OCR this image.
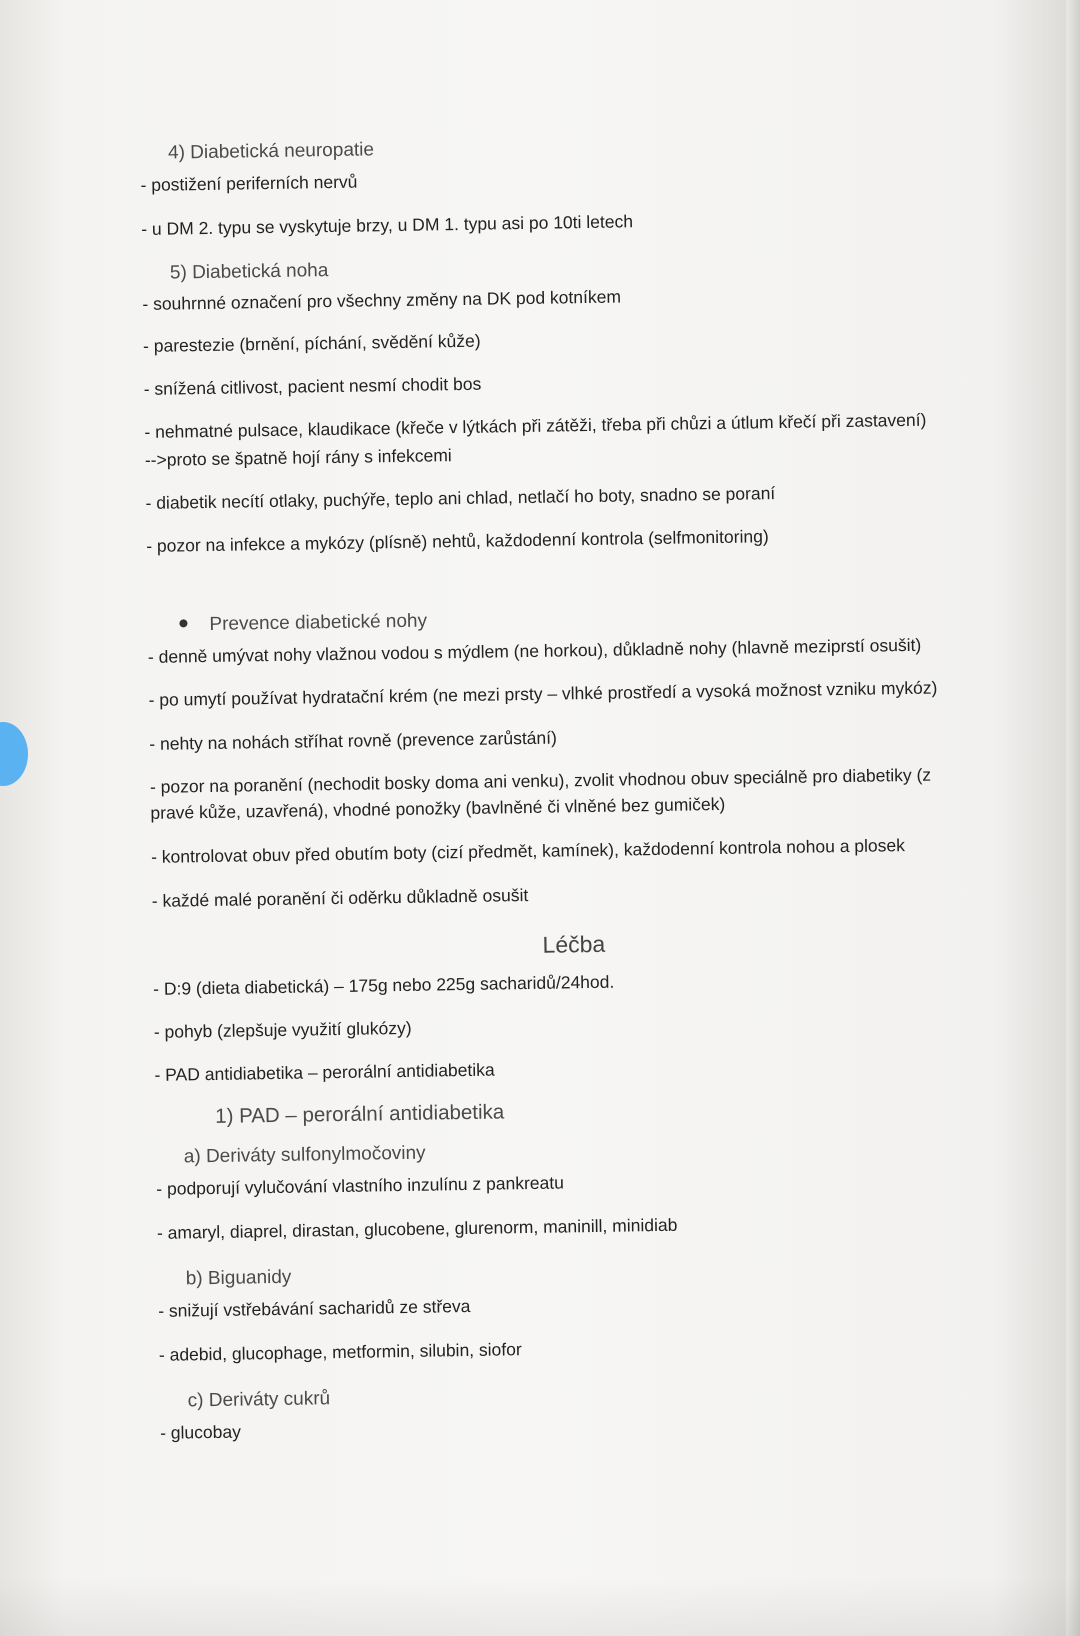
4) Diabetická neuropatie
- postižení periferních nervů
- u DM 2. typu se vyskytuje brzy, u DM 1. typu asi po 10ti letech
5) Diabetická noha
- souhrnné označení pro všechny změny na DK pod kotníkem
- parestezie (brnění, píchání, svědění kůže)
- snížená citlivost, pacient nesmí chodit bos
- nehmatné pulsace, klaudikace (křeče v lýtkách při zátěži, třeba při chůzi a útlum křečí při zastavení)
-->proto se špatně hojí rány s infekcemi
- diabetik necítí otlaky, puchýře, teplo ani chlad, netlačí ho boty, snadno se poraní
- pozor na infekce a mykózy (plísně) nehtů, každodenní kontrola (selfmonitoring)
Prevence diabetické nohy
- denně umývat nohy vlažnou vodou s mýdlem (ne horkou), důkladně nohy (hlavně meziprstí osušit)
- po umytí používat hydratační krém (ne mezi prsty – vlhké prostředí a vysoká možnost vzniku mykóz)
- nehty na nohách stříhat rovně (prevence zarůstání)
- pozor na poranění (nechodit bosky doma ani venku), zvolit vhodnou obuv speciálně pro diabetiky (z
pravé kůže, uzavřená), vhodné ponožky (bavlněné či vlněné bez gumiček)
- kontrolovat obuv před obutím boty (cizí předmět, kamínek), každodenní kontrola nohou a plosek
- každé malé poranění či oděrku důkladně osušit
Léčba
- D:9 (dieta diabetická) – 175g nebo 225g sacharidů/24hod.
- pohyb (zlepšuje využití glukózy)
- PAD antidiabetika – perorální antidiabetika
1) PAD – perorální antidiabetika
a) Deriváty sulfonylmočoviny
- podporují vylučování vlastního inzulínu z pankreatu
- amaryl, diaprel, dirastan, glucobene, glurenorm, maninill, minidiab
b) Biguanidy
- snižují vstřebávání sacharidů ze střeva
- adebid, glucophage, metformin, silubin, siofor
c) Deriváty cukrů
- glucobay
